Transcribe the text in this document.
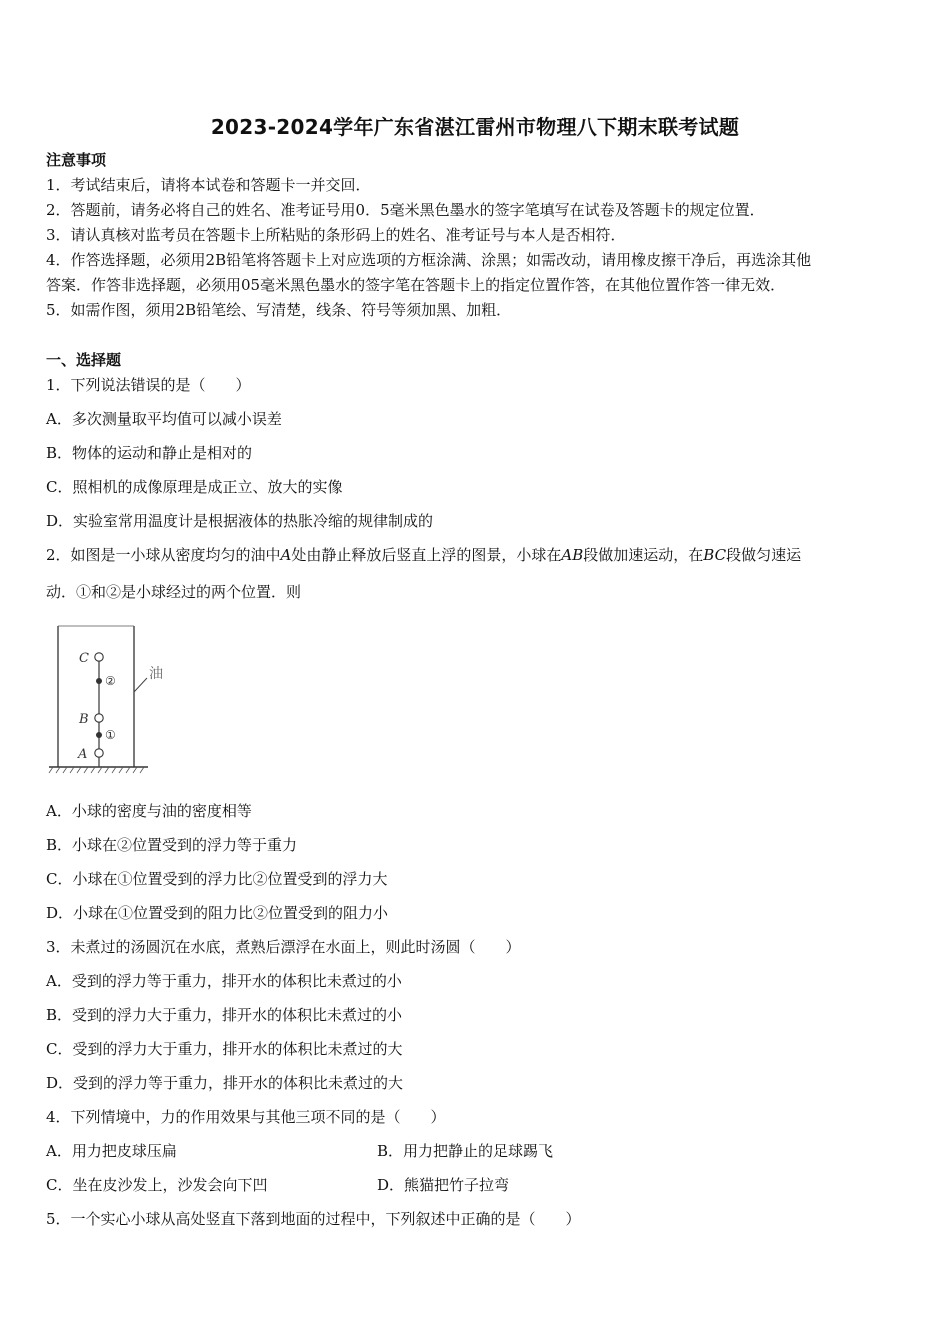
2023-2024学年广东省湛江雷州市物理八下期末联考试题
注意事项
1．考试结束后，请将本试卷和答题卡一并交回．
2．答题前，请务必将自己的姓名、准考证号用0．5毫米黑色墨水的签字笔填写在试卷及答题卡的规定位置．
3．请认真核对监考员在答题卡上所粘贴的条形码上的姓名、准考证号与本人是否相符．
4．作答选择题，必须用2B铅笔将答题卡上对应选项的方框涂满、涂黑；如需改动，请用橡皮擦干净后，再选涂其他
答案．作答非选择题，必须用05毫米黑色墨水的签字笔在答题卡上的指定位置作答，在其他位置作答一律无效．
5．如需作图，须用2B铅笔绘、写清楚，线条、符号等须加黑、加粗．
一、选择题
1．下列说法错误的是（　　）
A．多次测量取平均值可以减小误差
B．物体的运动和静止是相对的
C．照相机的成像原理是成正立、放大的实像
D．实验室常用温度计是根据液体的热胀冷缩的规律制成的
2．如图是一小球从密度均匀的油中A处由静止释放后竖直上浮的图景，小球在AB段做加速运动，在BC段做匀速运
动．①和②是小球经过的两个位置．则
C
B
A
②
①
油
A．小球的密度与油的密度相等
B．小球在②位置受到的浮力等于重力
C．小球在①位置受到的浮力比②位置受到的浮力大
D．小球在①位置受到的阻力比②位置受到的阻力小
3．未煮过的汤圆沉在水底，煮熟后漂浮在水面上，则此时汤圆（　　）
A．受到的浮力等于重力，排开水的体积比未煮过的小
B．受到的浮力大于重力，排开水的体积比未煮过的小
C．受到的浮力大于重力，排开水的体积比未煮过的大
D．受到的浮力等于重力，排开水的体积比未煮过的大
4．下列情境中，力的作用效果与其他三项不同的是（　　）
A．用力把皮球压扁	B．用力把静止的足球踢飞
C．坐在皮沙发上，沙发会向下凹	D．熊猫把竹子拉弯
5．一个实心小球从高处竖直下落到地面的过程中，下列叙述中正确的是（　　）
